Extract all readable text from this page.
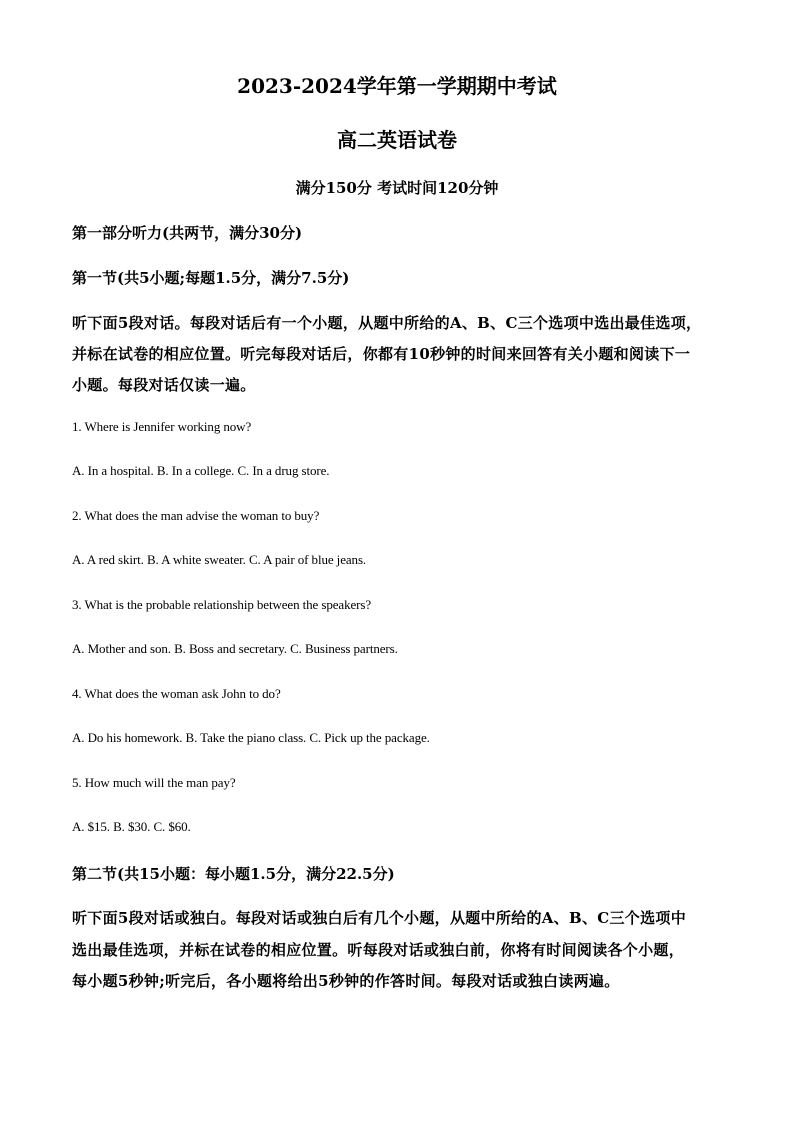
2023-2024学年第一学期期中考试
高二英语试卷
满分150分 考试时间120分钟
第一部分听力(共两节，满分30分)
第一节(共5小题;每题1.5分，满分7.5分)
听下面5段对话。每段对话后有一个小题，从题中所给的A、B、C三个选项中选出最佳选项，
并标在试卷的相应位置。听完每段对话后，你都有10秒钟的时间来回答有关小题和阅读下一
小题。每段对话仅读一遍。
1. Where is Jennifer working now?
A. In a hospital. B. In a college. C. In a drug store.
2. What does the man advise the woman to buy?
A. A red skirt. B. A white sweater. C. A pair of blue jeans.
3. What is the probable relationship between the speakers?
A. Mother and son. B. Boss and secretary. C. Business partners.
4. What does the woman ask John to do?
A. Do his homework. B. Take the piano class. C. Pick up the package.
5. How much will the man pay?
A. $15. B. $30. C. $60.
第二节(共15小题：每小题1.5分，满分22.5分)
听下面5段对话或独白。每段对话或独白后有几个小题，从题中所给的A、B、C三个选项中
选出最佳选项，并标在试卷的相应位置。听每段对话或独白前，你将有时间阅读各个小题，
每小题5秒钟;听完后，各小题将给出5秒钟的作答时间。每段对话或独白读两遍。
